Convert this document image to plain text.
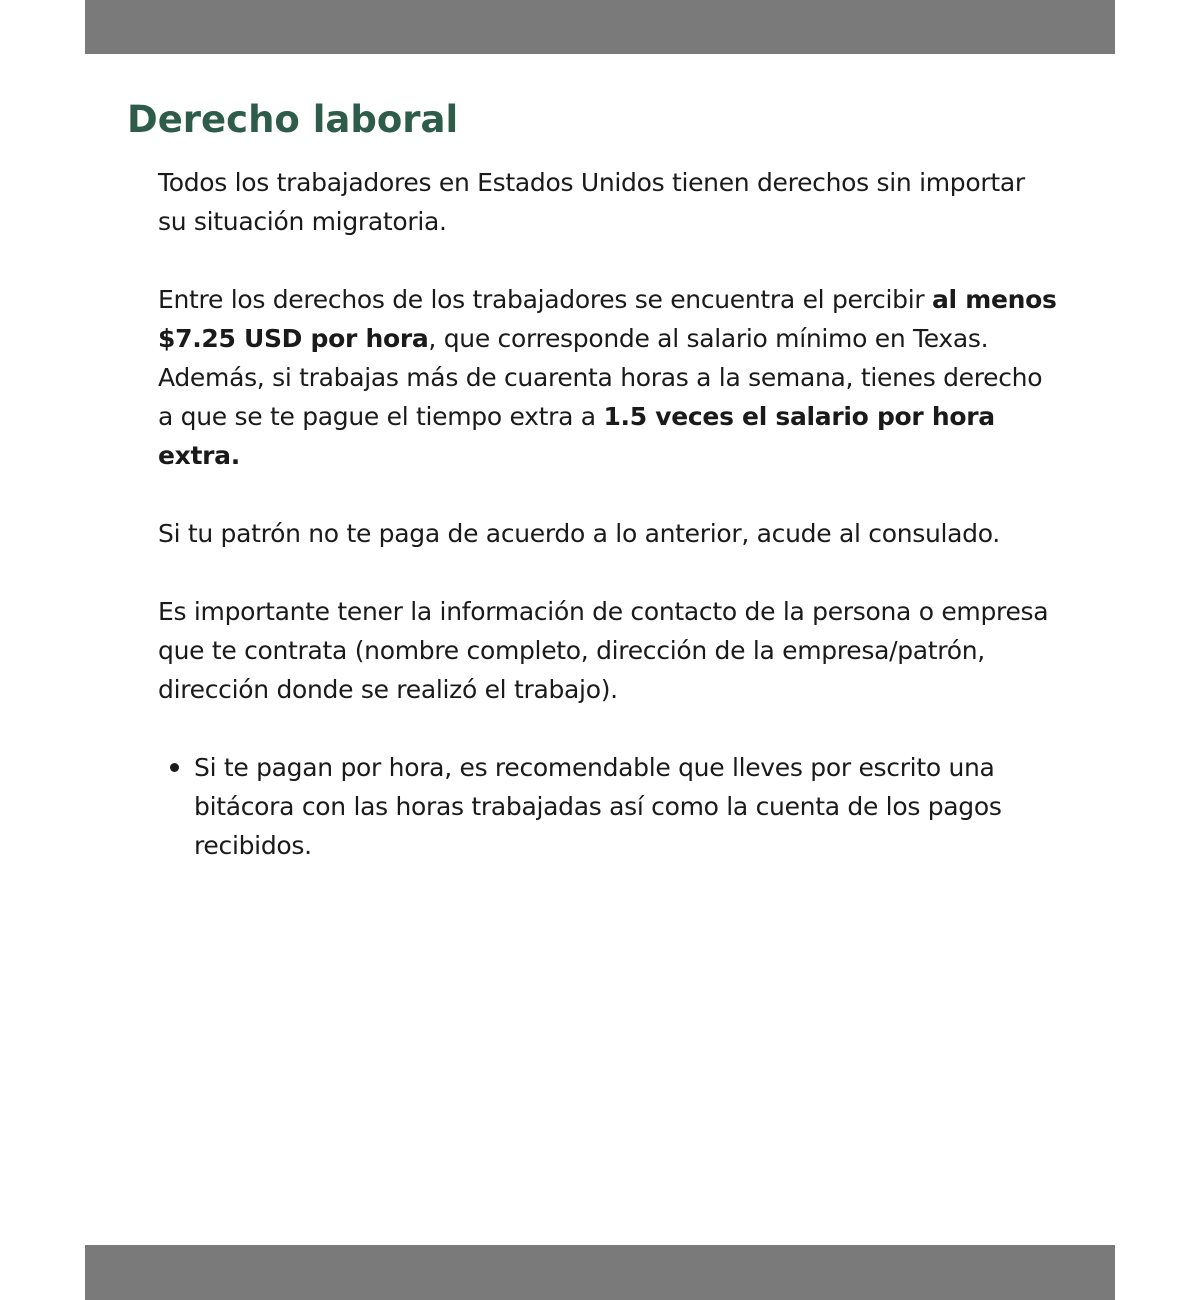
Derecho laboral

Todos los trabajadores en Estados Unidos tienen derechos sin importar su situación migratoria.

Entre los derechos de los trabajadores se encuentra el percibir al menos $7.25 USD por hora, que corresponde al salario mínimo en Texas.

Además, si trabajas más de cuarenta horas a la semana, tienes derecho a que se te pague el tiempo extra a 1.5 veces el salario por hora extra.

Si tu patrón no te paga de acuerdo a lo anterior, acude al consulado.

Es importante tener la información de contacto de la persona o empresa que te contrata (nombre completo, dirección de la empresa/patrón, dirección donde se realizó el trabajo).

Si te pagan por hora, es recomendable que lleves por escrito una bitácora con las horas trabajadas así como la cuenta de los pagos recibidos.
